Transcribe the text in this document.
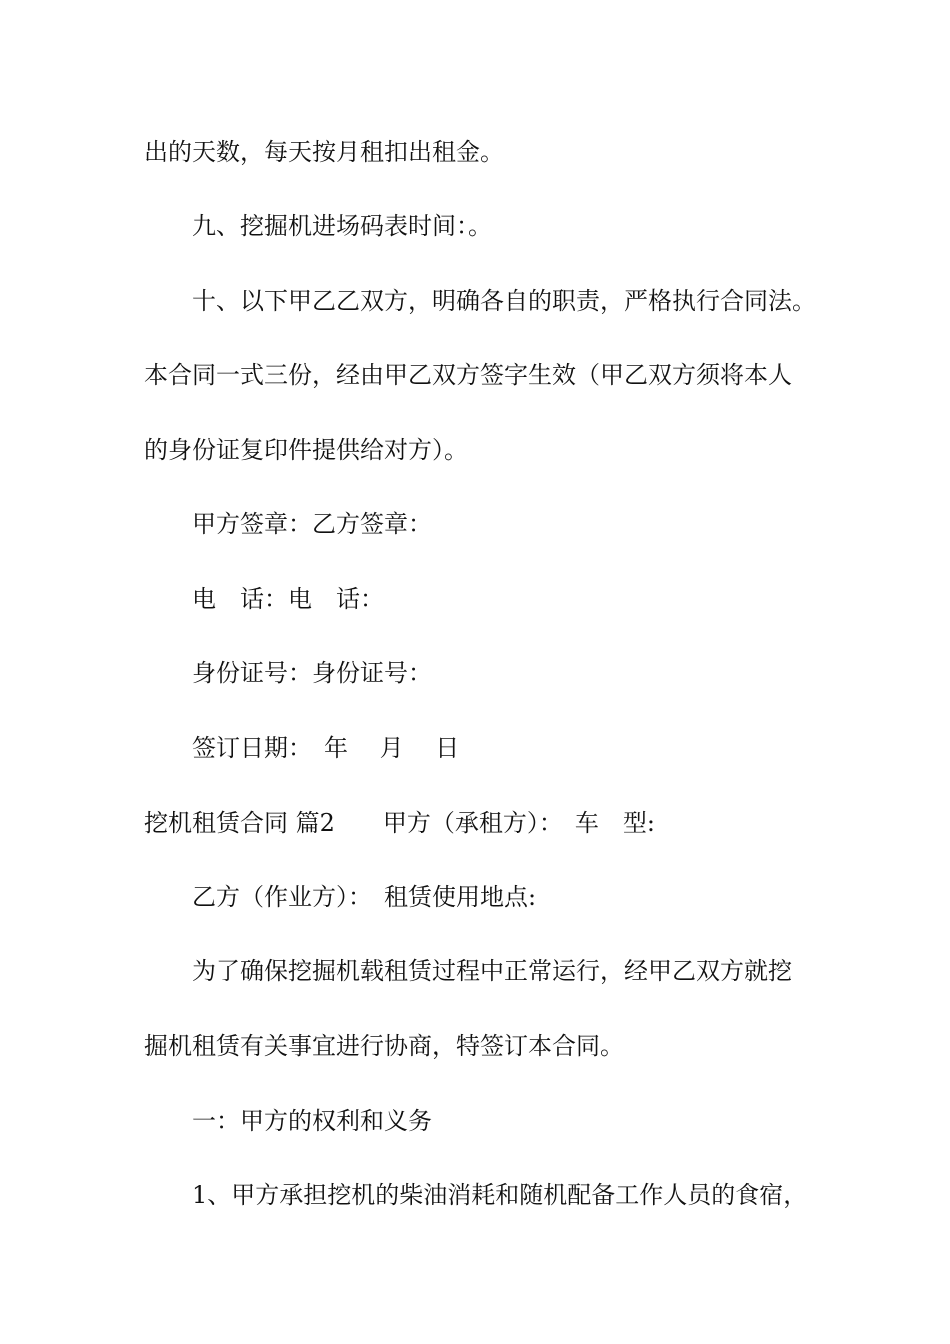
出的天数，每天按月租扣出租金。
九、挖掘机进场码表时间：。
十、以下甲乙乙双方，明确各自的职责，严格执行合同法。
本合同一式三份，经由甲乙双方签字生效（甲乙双方须将本人
的身份证复印件提供给对方）。
甲方签章：乙方签章：
电　话：电　话：
身份证号：身份证号：
签订日期：　年　 月　 日
挖机租赁合同 篇2 甲方（承租方）：　车　型:
乙方（作业方）：　租赁使用地点:
为了确保挖掘机载租赁过程中正常运行，经甲乙双方就挖
掘机租赁有关事宜进行协商，特签订本合同。
一：甲方的权利和义务
1、甲方承担挖机的柴油消耗和随机配备工作人员的食宿，
